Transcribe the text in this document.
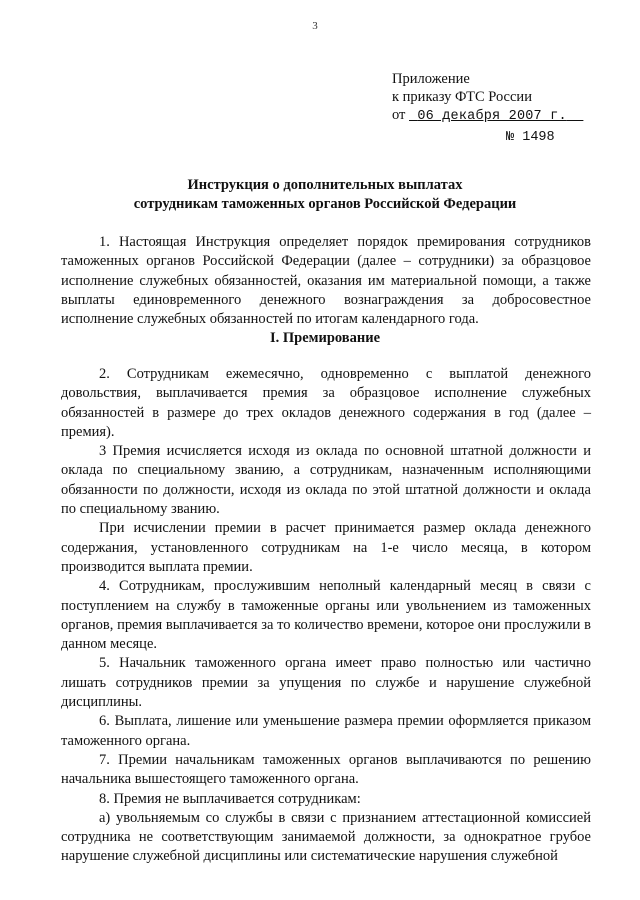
3
Приложение
к приказу ФТС России
от 06 декабря 2007 г.
№ 1498
Инструкция о дополнительных выплатах
сотрудникам таможенных органов Российской Федерации

1. Настоящая Инструкция определяет порядок премирования сотрудников таможенных органов Российской Федерации (далее – сотрудники) за образцовое исполнение служебных обязанностей, оказания им материальной помощи, а также выплаты единовременного денежного вознаграждения за добросовестное исполнение служебных обязанностей по итогам календарного года.

I. Премирование

2. Сотрудникам ежемесячно, одновременно с выплатой денежного довольствия, выплачивается премия за образцовое исполнение служебных обязанностей в размере до трех окладов денежного содержания в год (далее – премия).

3 Премия исчисляется исходя из оклада по основной штатной должности и оклада по специальному званию, а сотрудникам, назначенным исполняющими обязанности по должности, исходя из оклада по этой штатной должности и оклада по специальному званию.

При исчислении премии в расчет принимается размер оклада денежного содержания, установленного сотрудникам на 1-е число месяца, в котором производится выплата премии.

4. Сотрудникам, прослужившим неполный календарный месяц в связи с поступлением на службу в таможенные органы или увольнением из таможенных органов, премия выплачивается за то количество времени, которое они прослужили в данном месяце.

5. Начальник таможенного органа имеет право полностью или частично лишать сотрудников премии за упущения по службе и нарушение служебной дисциплины.

6. Выплата, лишение или уменьшение размера премии оформляется приказом таможенного органа.

7. Премии начальникам таможенных органов выплачиваются по решению начальника вышестоящего таможенного органа.

8. Премия не выплачивается сотрудникам:

а) увольняемым со службы в связи с признанием аттестационной комиссией сотрудника не соответствующим занимаемой должности, за однократное грубое нарушение служебной дисциплины или систематические нарушения служебной
